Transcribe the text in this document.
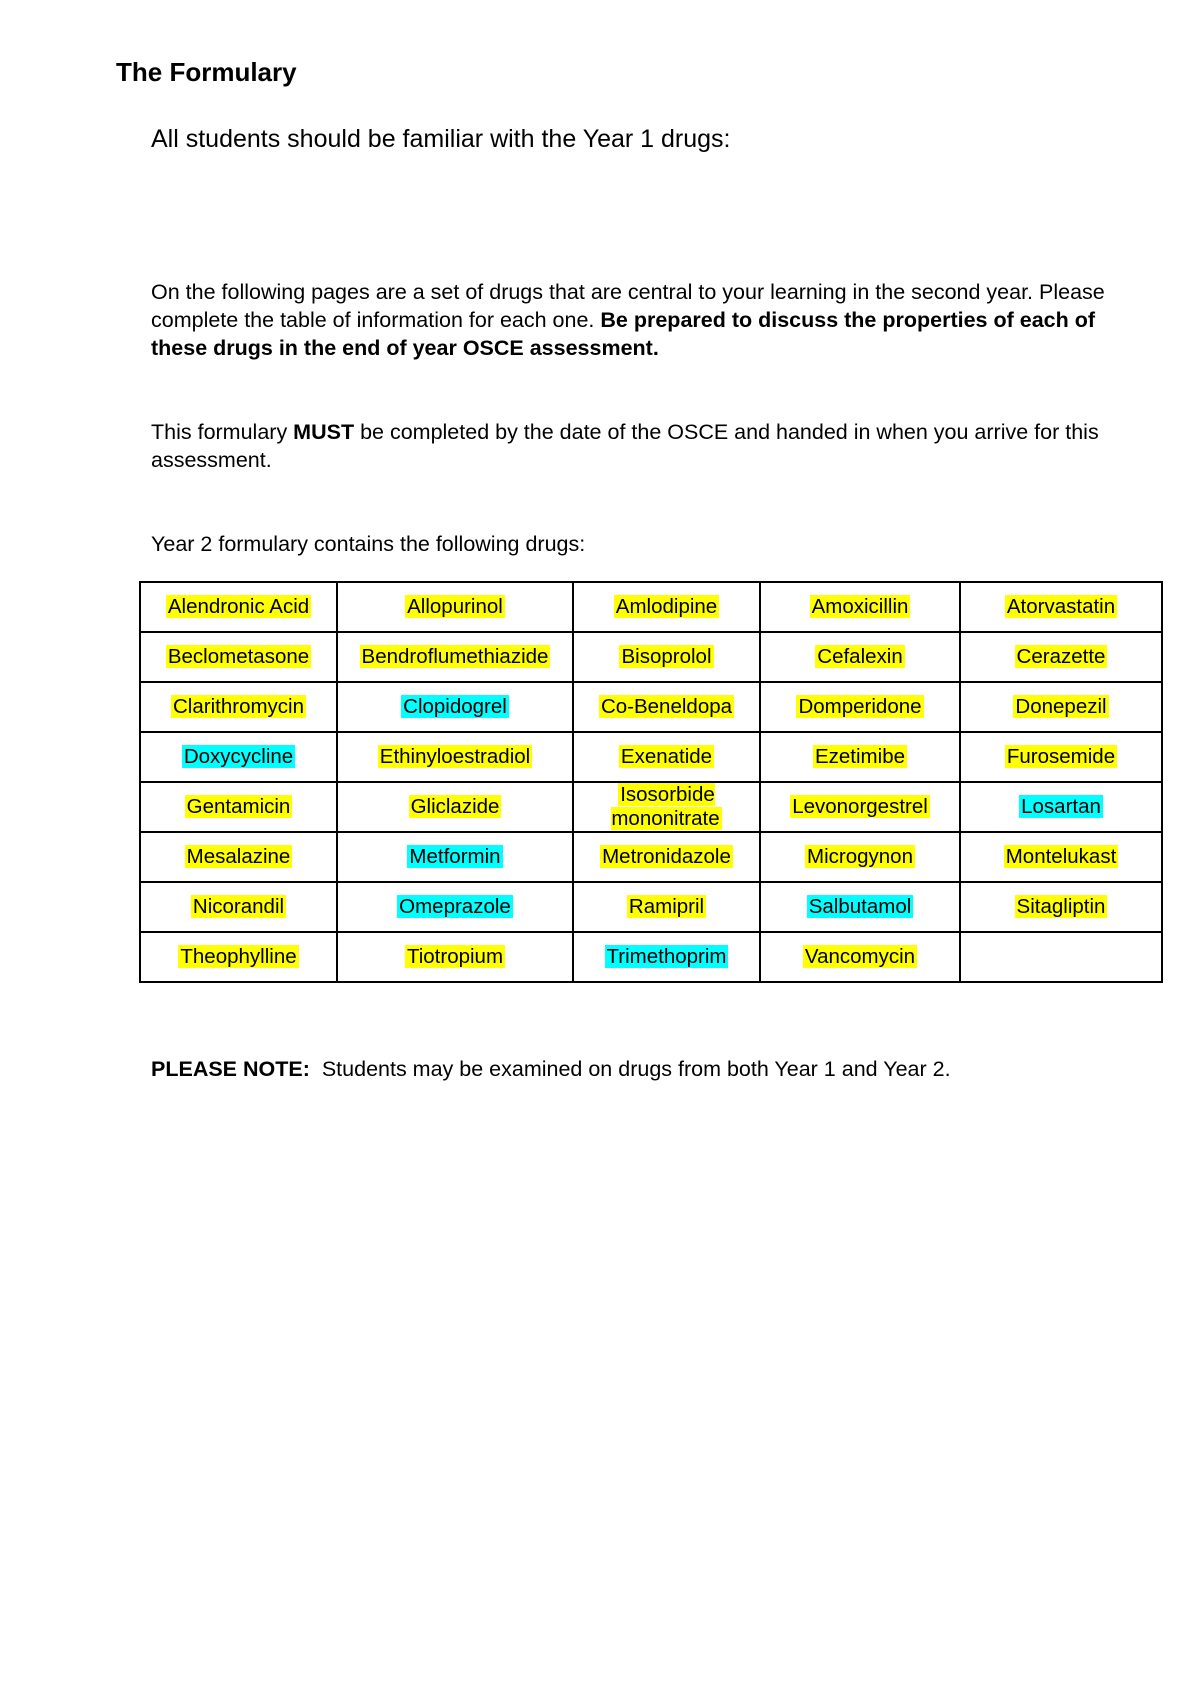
The Formulary

All students should be familiar with the Year 1 drugs:

On the following pages are a set of drugs that are central to your learning in the second year. Please complete the table of information for each one. Be prepared to discuss the properties of each of these drugs in the end of year OSCE assessment.

This formulary MUST be completed by the date of the OSCE and handed in when you arrive for this assessment.

Year 2 formulary contains the following drugs:

Alendronic Acid	Allopurinol	Amlodipine	Amoxicillin	Atorvastatin
Beclometasone	Bendroflumethiazide	Bisoprolol	Cefalexin	Cerazette
Clarithromycin	Clopidogrel	Co-Beneldopa	Domperidone	Donepezil
Doxycycline	Ethinyloestradiol	Exenatide	Ezetimibe	Furosemide
Gentamicin	Gliclazide	Isosorbide mononitrate	Levonorgestrel	Losartan
Mesalazine	Metformin	Metronidazole	Microgynon	Montelukast
Nicorandil	Omeprazole	Ramipril	Salbutamol	Sitagliptin
Theophylline	Tiotropium	Trimethoprim	Vancomycin	

PLEASE NOTE:  Students may be examined on drugs from both Year 1 and Year 2.
